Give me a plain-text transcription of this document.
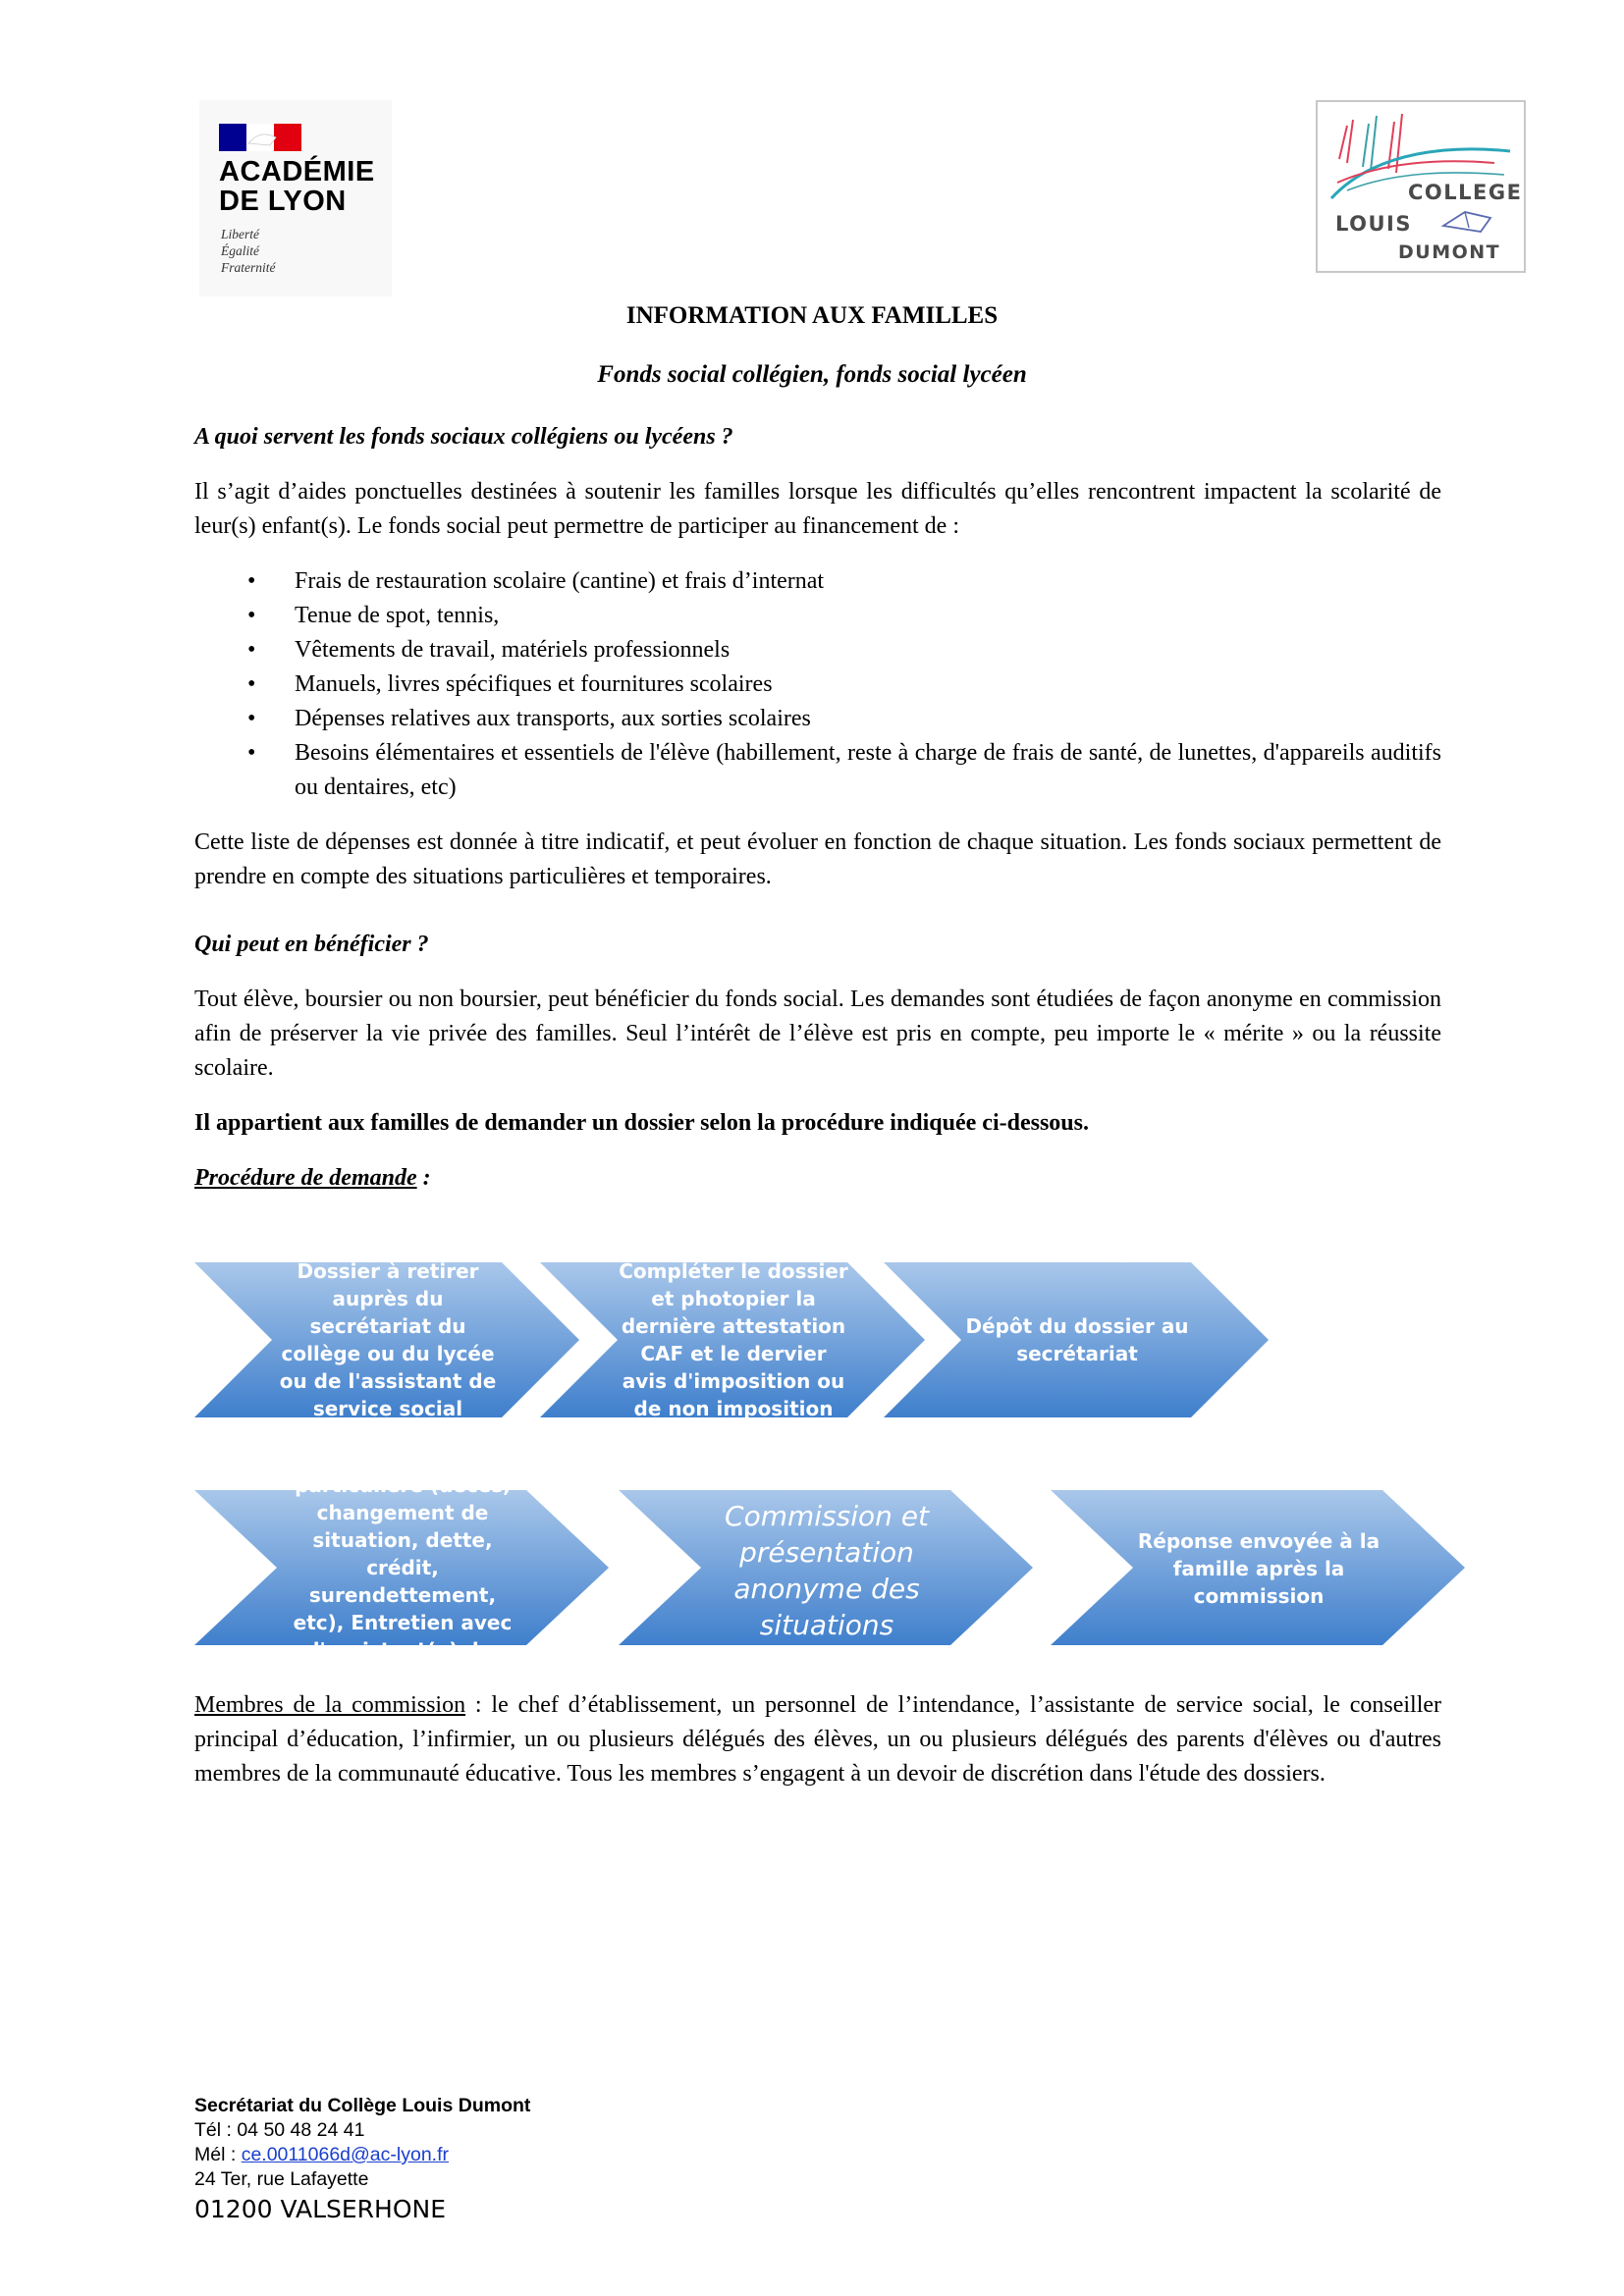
ACADÉMIE
DE LYON
Liberté
Égalité
Fraternité
COLLEGE
LOUIS
DUMONT
INFORMATION AUX FAMILLES
Fonds social collégien, fonds social lycéen

A quoi servent les fonds sociaux collégiens ou lycéens ?

Il s’agit d’aides ponctuelles destinées à soutenir les familles lorsque les difficultés qu’elles rencontrent impactent la scolarité de leur(s) enfant(s). Le fonds social peut permettre de participer au financement de :

• Frais de restauration scolaire (cantine) et frais d’internat
• Tenue de spot, tennis,
• Vêtements de travail, matériels professionnels
• Manuels, livres spécifiques et fournitures scolaires
• Dépenses relatives aux transports, aux sorties scolaires
• Besoins élémentaires et essentiels de l'élève (habillement, reste à charge de frais de santé, de lunettes, d'appareils auditifs ou dentaires, etc)

Cette liste de dépenses est donnée à titre indicatif, et peut évoluer en fonction de chaque situation. Les fonds sociaux permettent de prendre en compte des situations particulières et temporaires.

Qui peut en bénéficier ?

Tout élève, boursier ou non boursier, peut bénéficier du fonds social. Les demandes sont étudiées de façon anonyme en commission afin de préserver la vie privée des familles. Seul l’intérêt de l’élève est pris en compte, peu importe le « mérite » ou la réussite scolaire.

Il appartient aux familles de demander un dossier selon la procédure indiquée ci-dessous.

Procédure de demande :

Dossier à retirer auprès du secrétariat du collège ou du lycée ou de l'assistant de service social
Compléter le dossier et photopier la dernière attestation CAF et le dervier avis d'imposition ou de non imposition
Dépôt du dossier au secrétariat
Si situation particulière (décès, changement de situation, dette, crédit, surendettement, etc), Entretien avec l'assistant(e) de service social
Commission et présentation anonyme des situations
Réponse envoyée à la famille après la commission

Membres de la commission : le chef d’établissement, un personnel de l’intendance, l’assistante de service social, le conseiller principal d’éducation, l’infirmier, un ou plusieurs délégués des élèves, un ou plusieurs délégués des parents d'élèves ou d'autres membres de la communauté éducative. Tous les membres s’engagent à un devoir de discrétion dans l'étude des dossiers.

Secrétariat du Collège Louis Dumont
Tél : 04 50 48 24 41
Mél : ce.0011066d@ac-lyon.fr
24 Ter, rue Lafayette
01200 VALSERHONE
